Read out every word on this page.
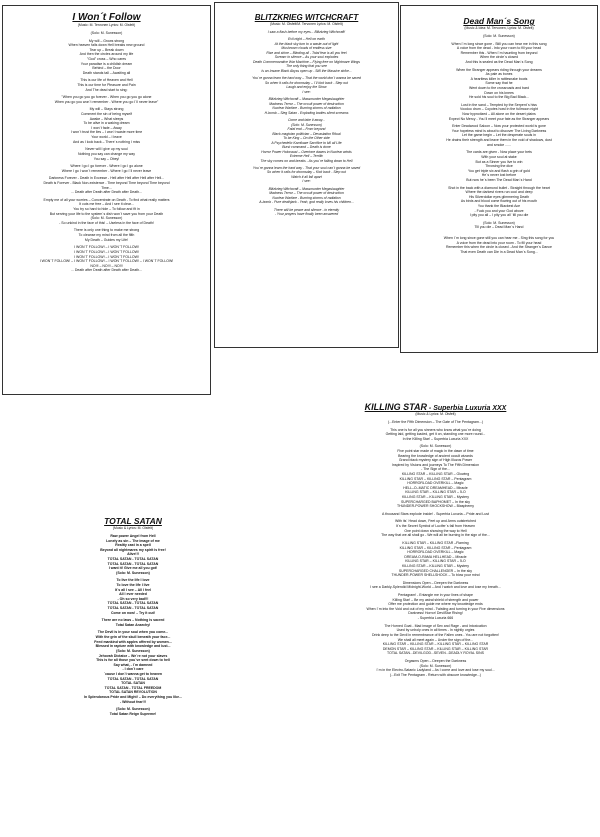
I Won´t Follow
(Music: M. Tervonen Lyrics: M. Olsfelt)
(Solo: M. Sunesson)
My will – Grows strong
When heaven falls down Hell breaks new ground
Tear up – Break down
And then the circles around my life
"God" cross – Who cares
Your paradise is a childish dream
Behind – the Door
Death stands tall – Awaiting all
This is our life of Heaven and Hell
This is our time for Pleasure and Pain
And The dead start to sing:
"When you go you go forever - When you go you go alone
When you go you won´t remember - Where you go I´ll never leave"
My will – Stays strong
Comment the sin of being myself
Awake – What sleeps
To be alive in a waking dream
I won´t fade – Away
I won´t trust the lies – I won´t waste more time
Your world – I leave
And as I look back – There´s nothing I miss
Never will I give up my soul
Nothing you say can change my way
You say – Obey!
Where I go I go forever - Where I go I go alone
Where I go I won´t remember - Where I go I´ll never leave
Darkness Forever - Death in Excesse - Hell after Hell after Hell after Hell...
Death is Forever - Black Non-existence - Time beyond Time beyond Time beyond
Time...
... Death after Death after Death after Death...
Empty me of all your worries – Concentrate on Death - To find what really matters
It cuts me free – And I see it clear...
You try so hard to hide – To follow and fit in
But serving your life to the system´s dish won´t save you from your Death
(Solo: M. Sunesson)
- So unkind in the face of this! – Useless in the face of Death!
There is only one thing to make me strong
To cleanse my mind from all the filth
My Death – Guides my Life!
I WON´T FOLLOW! – I WON´T FOLLOW!
I WON´T FOLLOW! – I WON´T FOLLOW!
I WON´T FOLLOW! – I WON´T FOLLOW!
I WON´T FOLLOW! – I WON´T FOLLOW! – I WON´T FOLLOW! – I WON´T FOLLOW!
NO!!! – NO!!! – NO!!!
... Death after Death after Death after Death...
BLITZKRIEG WITCHCRAFT
(Music: M. Olsfelt/M. Tervonen Lyrics: M. Olsfelt)
I saw a flash before my eyes... Blitzkrieg Witchcraft!
Evil night – Hell on earth
At the black sky turn to a waste-out of light
Mushroom clouds of endless size
Rise and shine – Blinding all - Total fear is all you feel
Scream in silence – As your soul explodes
Death Commemorative War Machine – Flying free on Nightmare Wings
The only thing that you see
Is an Insane Black Abyss open up - Still the Massive strike...
You´re gonna learn the hard way – That the world don´t wanna be saved
So when it calls for doomsday – I´ll kick back - Step out
Laugh and enjoy the Show
I see:
Blitzkrieg Witchcraft – Massmurder Megaslaughter
Madness Terror – The occult power of destruction
Nuclear Warfare - Burning storms of radiation
H-bomb – Sieg Satan - Exploding bodies silent screams
Come and take it away...
(Solo: M. Sunesson)
Fatal end – From beyond
Black magician politician – Devastation Ritual
To be King – On the Other side
A Psychedelic Kamikaze Sacrifice to kill all Life
Burst command – Death is done
Horror Power Holocaust – Overtone dawns in Nuclear winds
Extreme Hell – Terrific
The sky comes on and breaks - As you´re falling down to Hell
You´re gonna learn the hard way - That your soul can´t gonna be saved
So when it calls for doomsday – Kick back - Step out
Watch it all fall apart
I see:
Blitzkrieg Witchcraft – Massmurder Megaslaughter
Madness Terror – The occult power of destruction
Nuclear Warfare - Burning storms of radiation
A-bomb - Pure deathjack - Yeah, god really loves his children...
There will be peace and silence - in eternity
- Your prayers have finally been answered
Dead Man´s Song
(Music & Idea: M. Tervonen, Lyrics: M. Olsfelt)
(Solo: M. Sunesson)
When I´m long since gone - Still you can hear me in this song
A voice from the dead - Into your room to fill your head
Remember this - When I´m haunting from beyond
When the circle´s closed
And this is sealed as the Dead Man´s Song
When the Stranger appears riding through your dreams
As pale as bones
A heartless killer in rattlesnake boots
Some say that he
Went down to the crossroads and bard
Down on his knees
He sold his soul to the Big Bad Black...
Lost in the sand – Tempted by the Serpent´s hiss
Voodoo drum – Coyotes howl in the fullmoon night
Now hypnotized – All alone on the desert plains
Expect No Mercy - You´ll meet your fate as the Stranger appears
Enter Deadwood Saloon – Now your protected world is gone
Your hopeless mind is about to discover The Living Darkness
Let the game begin – Let the desperate souls in
He drains their strength and leave them in the void of shadows, dust
and smoke ......
The cards are given - Now place your bets
With your soul at stake
But as a Sinner you live to win
Throwing the dice
You get triple six and flash a grin of gold
He´s never lost before
But now he´s been The Dead Man´s Hand
Shot in the back with a diamond bullet - Straight through the heart
Where the darkest rivers run cool and deep
His Silverdollar eyes glimmering Death
As birds and blood come flowing out of his mouth
You thank the Blackest Ace
- Fuck you and your God above
I pity you all – I pity you all ´till you die
(Solo: M. Sunesson)
Till you die – Dead Man´s Hand
When I´m long since gone still you can hear me - Sing this song for you
A voice from the dead into your room - To fill your head
Remember this when the circle is closed - And the Stranger´s Dance
That even Death can Die in a Dead Man´s Song...
TOTAL SATAN
(Music & Lyrics: M. Olsfelt)
Raw power Angel from Hell
Lonely as sin – The image of me
Reality cast in a spell
Beyond all nightmares my spirit is free!
Alive!!!
TOTAL SATAN - TOTAL SATAN
TOTAL SATAN - TOTAL SATAN
I want it! Give me all you got!
(Solo: M. Sunesson)
To live the life I love
To love the life I live
It´s all I see – All I feel
All I ever needed
- Oh so very bad!!!
TOTAL SATAN - TOTAL SATAN
TOTAL SATAN - TOTAL SATAN
Come on now! – Try it out!
There are no laws – Nothing is sacred
Total Satan Anarchy!
The Devil is in your soul when you come...
With the grin of the skull beneath your face...
Feed mankind with apples offered by women...
Blessed in rapture with knowledge and lust...
(Solo: M. Sunesson)
Jehovah Dictator – We´re not your slaves
This is for all those you´ve sent down to hell
Say what, - I´m damned
- I don´t care
´cause I don´t wanna get to heaven
TOTAL SATAN - TOTAL SATAN
TOTAL SATAN
TOTAL SATAN - TOTAL FREEDOM
TOTAL SATAN REVOLUTION
In Splendorous Pride and Might! – Do everything you like...
- Without fear!!!
(Solo: M. Sunesson)
Total Satan Reign Supreme!
KILLING STAR - Superbia Luxuria XXX
(Music & Lyrics: M. Olsfelt)
(...Enter the Fifth Dimension – The Gate of The Pentagram...)
This one is for all you sinners who know what you´re doing
Getting laid, getting loaded, get it on, standing one more round...
In the Killing Star! – Superbia Luxuria XXX
(Solo: M. Sunesson)
Five point star made of magic in the dawn of time
Bearing the knowledge of ancient occult wizards
Grand black mystery sign of High Illuzos Power
Inspired by Visions and journeys To The Fifth Dimension
- The Sign of the...
KILLING STAR – KILLING STAR – Glowing
KILLING STAR – KILLING STAR – Pentagram
HORRORLOAD OVERKILL – Magic
HELL–O–MATIC DREAMHEAD – Miracle
KILLING STAR – KILLING STAR – 5-O
KILLING STAR – KILLING STAR – Mystery
SUPERCHARGED BAPHOMET – In the sky
THUNDER-POWER SHOCKSHOW – Blasphemy
A thousand Stars explode inside! - Superbia Luxuria – Pride and Lust
With its´ Head down, Feet up and Arms outstretched
It´s the Secret Symbol of Lucifer´s fall from Heaven
One point down showing the way to Hell
The way that we all shall go - We will all be burning in the sign of the...
KILLING STAR – KILLING STAR –Flaming
KILLING STAR – KILLING STAR – Pentagram
HORRORLOAD OVERKILL – Magic
DREAM-O-RAMA HELLHEAD – Miracle
KILLING STAR – KILLING STAR – 5-O
KILLING STAR – KILLING STAR – Mystery
SUPERCHARGED CHALLENGER – In the sky
THUNDER-POWER SHELLSHOCK – To blow your mind
Dimensions Open – Deepen the Darkness
I see a Darkly-Splendid Midnight-World – And I watch and love and lose my breath...
Pentagram! - Entangle me in your lines of shape
Killing Star! – Be my astral shield of strength and power
Offer me protection and guide me where my knowledge ends
When I´m into the Void and out of my mind - Twisting and turning in your Five dimensions
Darkness! Horror! DevilStar Rising!
- Superbia Luxuria 666
The Horned Goat - Mad image of Sex and Rage - and Intoxication
Used by unholy ones in all times - In nightly orgies
Drink deep to the Devil in remembrance of the Fallen ones - You are not forgotten!
We shall all meet again – Under the sign of the...
KILLING STAR – KILLING STAR – KILLING STAR – KILLING STAR
DEMON STAR – KILLING STAR – KILLING STAR – KILLING STAR
TOTAL SATAN...DEVILGOD...SEVEN...DEADLY ROYAL SINS
Orgasms Open – Deepen the Darkness
(Solo: M. Sunesson)
I´m in the Electro-Satanic Ladyland – As I come and love and lose my soul...
(...Exit The Pentagram - Return with obscure knowledge...)
